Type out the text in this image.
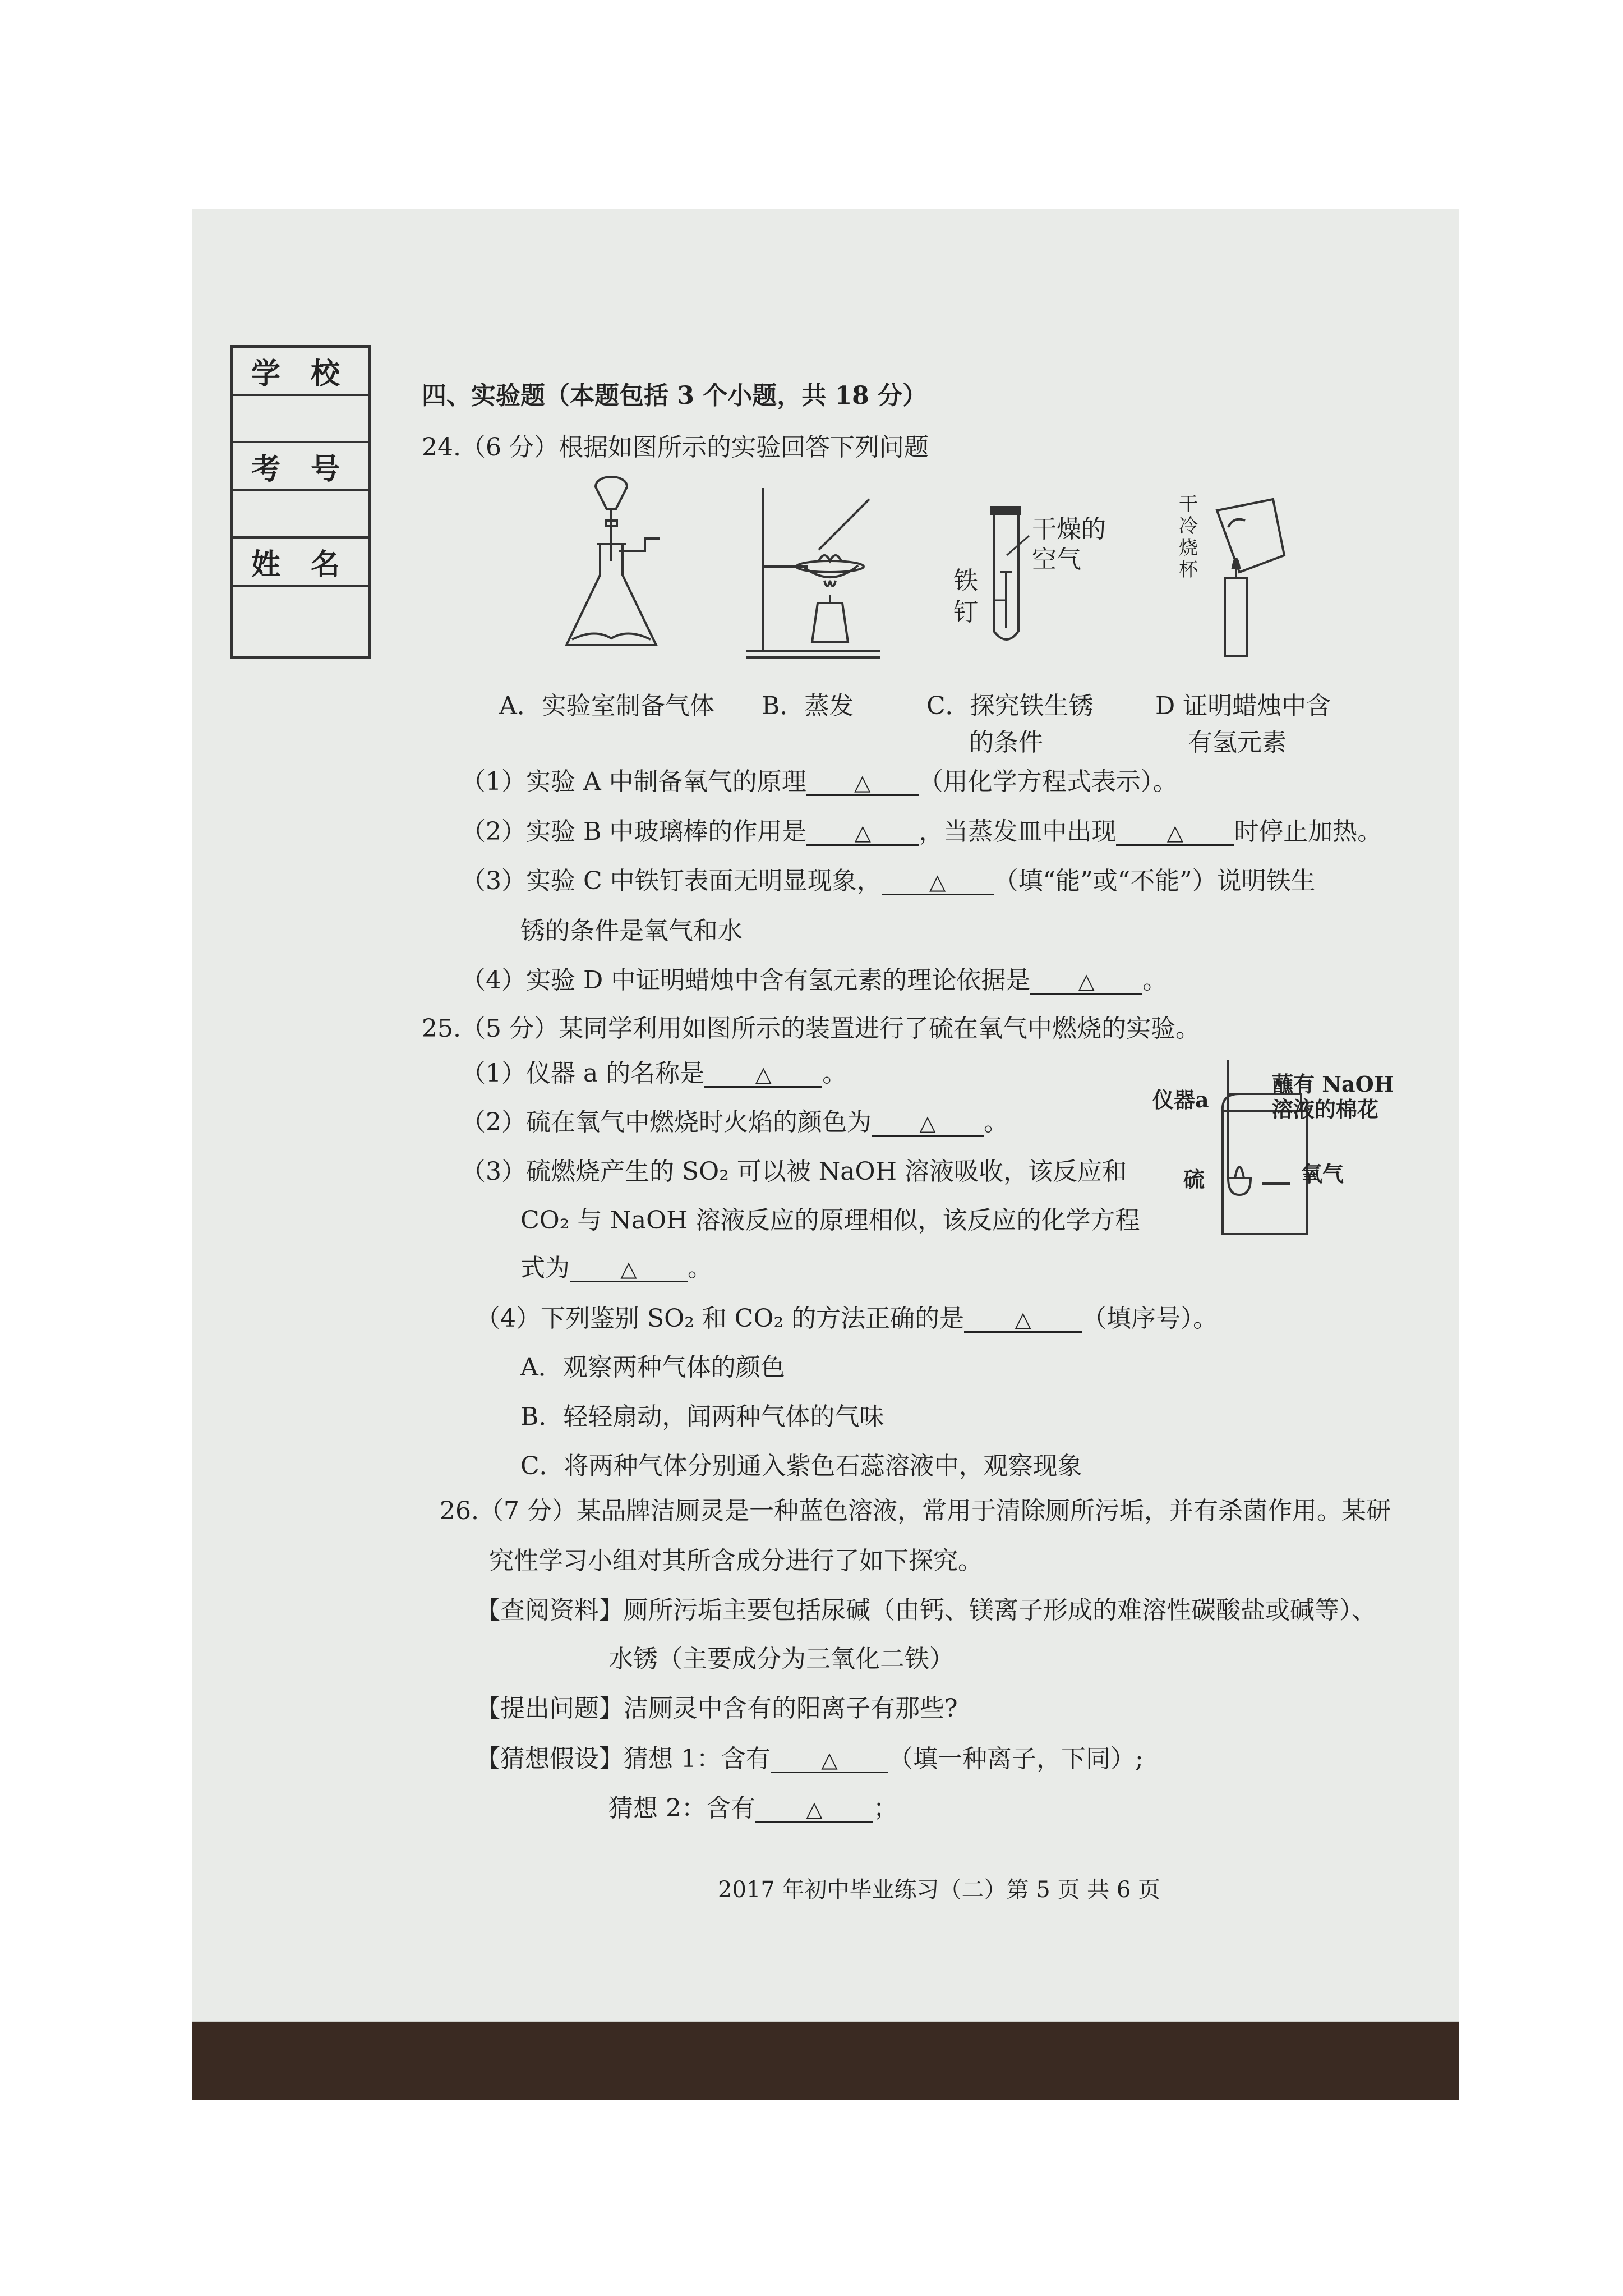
学 校
考 号
姓 名
四、实验题（本题包括 3 个小题，共 18 分）
24.（6 分）根据如图所示的实验回答下列问题
干燥的
空气
铁
钉
干冷烧杯
A．实验室制备气体 B．蒸发	C．探究铁生锈
的条件
D 证明蜡烛中含
有氢元素
（1）实验 A 中制备氧气的原理 △ （用化学方程式表示）。
（2）实验 B 中玻璃棒的作用是 △ ，当蒸发皿中出现 △ 时停止加热。
（3）实验 C 中铁钉表面无明显现象， △ （填“能”或“不能”）说明铁生
锈的条件是氧气和水
（4）实验 D 中证明蜡烛中含有氢元素的理论依据是 △ 。
25.（5 分）某同学利用如图所示的装置进行了硫在氧气中燃烧的实验。
（1）仪器 a 的名称是 △ 。
（2）硫在氧气中燃烧时火焰的颜色为 △ 。
（3）硫燃烧产生的 SO₂ 可以被 NaOH 溶液吸收，该反应和
CO₂ 与 NaOH 溶液反应的原理相似，该反应的化学方程
式为 △ 。
（4）下列鉴别 SO₂ 和 CO₂ 的方法正确的是 △ （填序号）。
A．观察两种气体的颜色
B．轻轻扇动，闻两种气体的气味
C．将两种气体分别通入紫色石蕊溶液中，观察现象
仪器a
蘸有 NaOH
溶液的棉花
硫	氧气
26.（7 分）某品牌洁厕灵是一种蓝色溶液，常用于清除厕所污垢，并有杀菌作用。某研
究性学习小组对其所含成分进行了如下探究。
【查阅资料】厕所污垢主要包括尿碱（由钙、镁离子形成的难溶性碳酸盐或碱等）、
水锈（主要成分为三氧化二铁）
【提出问题】洁厕灵中含有的阳离子有那些?
【猜想假设】猜想 1：含有 △ （填一种离子，下同）;
猜想 2：含有 △ ；
2017 年初中毕业练习（二）第 5 页 共 6 页
